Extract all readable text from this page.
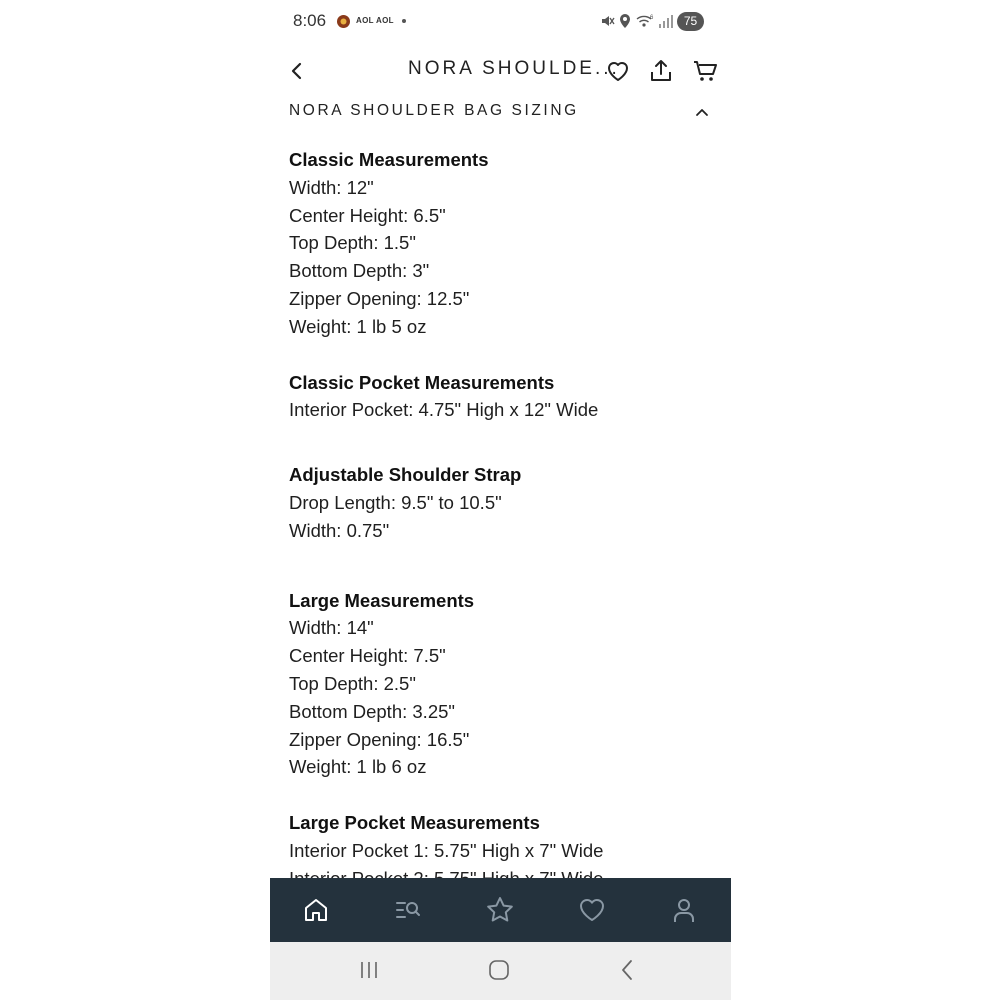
8:06	AOL AOL	6	75
NORA SHOULDE...
NORA SHOULDER BAG SIZING
Classic Measurements
Width: 12"
Center Height: 6.5"
Top Depth: 1.5"
Bottom Depth: 3"
Zipper Opening: 12.5"
Weight: 1 lb 5 oz
Classic Pocket Measurements
Interior Pocket: 4.75" High x 12" Wide
Adjustable Shoulder Strap
Drop Length: 9.5" to 10.5"
Width: 0.75"
Large Measurements
Width: 14"
Center Height: 7.5"
Top Depth: 2.5"
Bottom Depth: 3.25"
Zipper Opening: 16.5"
Weight: 1 lb 6 oz
Large Pocket Measurements
Interior Pocket 1: 5.75" High x 7" Wide
